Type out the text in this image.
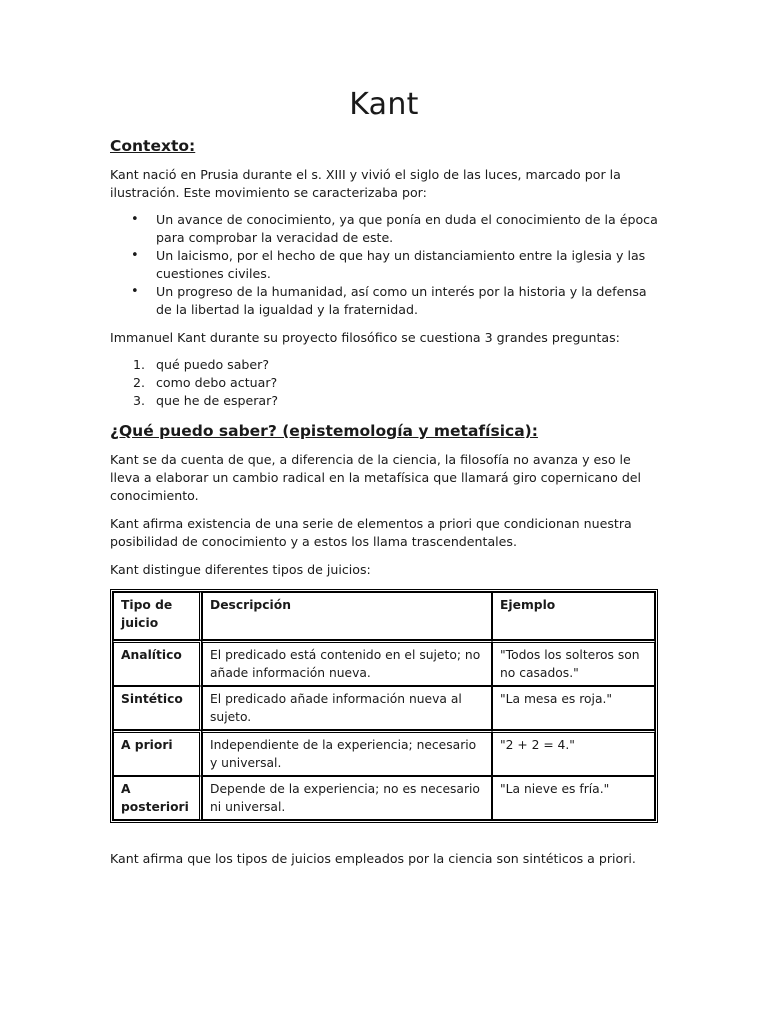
Kant
Contexto:

Kant nació en Prusia durante el s. XIII y vivió el siglo de las luces, marcado por la ilustración. Este movimiento se caracterizaba por:

• Un avance de conocimiento, ya que ponía en duda el conocimiento de la época para comprobar la veracidad de este.
• Un laicismo, por el hecho de que hay un distanciamiento entre la iglesia y las cuestiones civiles.
• Un progreso de la humanidad, así como un interés por la historia y la defensa de la libertad la igualdad y la fraternidad.

Immanuel Kant durante su proyecto filosófico se cuestiona 3 grandes preguntas:

1. qué puedo saber?
2. como debo actuar?
3. que he de esperar?
¿Qué puedo saber? (epistemología y metafísica):

Kant se da cuenta de que, a diferencia de la ciencia, la filosofía no avanza y eso le lleva a elaborar un cambio radical en la metafísica que llamará giro copernicano del conocimiento.

Kant afirma existencia de una serie de elementos a priori que condicionan nuestra posibilidad de conocimiento y a estos los llama trascendentales.

Kant distingue diferentes tipos de juicios:

Tipo de juicio	Descripción	Ejemplo
Analítico	El predicado está contenido en el sujeto; no añade información nueva.	"Todos los solteros son no casados."
Sintético	El predicado añade información nueva al sujeto.	"La mesa es roja."
A priori	Independiente de la experiencia; necesario y universal.	"2 + 2 = 4."
A posteriori	Depende de la experiencia; no es necesario ni universal.	"La nieve es fría."

Kant afirma que los tipos de juicios empleados por la ciencia son sintéticos a priori.
